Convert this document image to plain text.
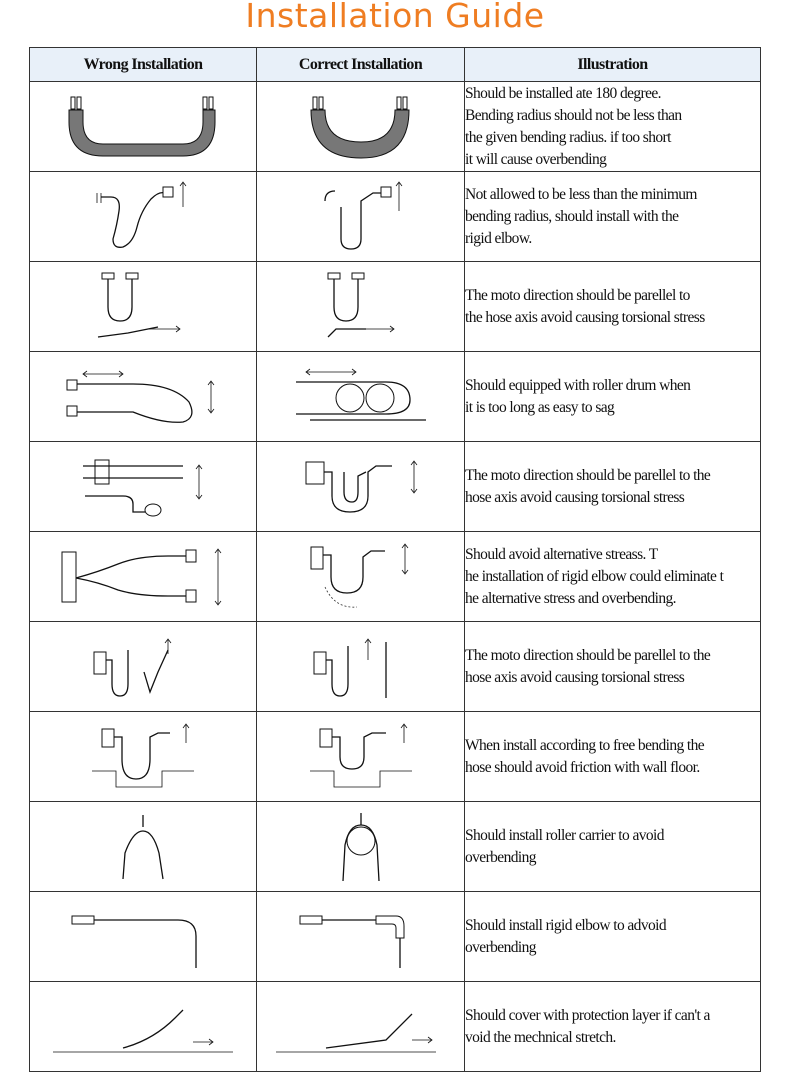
Installation Guide
Wrong Installation	Correct Installation	Illustration

	Should be installed ate 180 degree.
Bending radius should not be less than
the given bending radius. if too short
it will cause overbending

	Not allowed to be less than the minimum
bending radius, should install with the
rigid elbow.

	The moto direction should be parellel to
the hose axis avoid causing torsional stress

	Should equipped with roller drum when
it is too long as easy to sag

	The moto direction should be parellel to the
hose axis avoid causing torsional stress

	Should avoid alternative streass. T
he installation of rigid elbow could eliminate t
he alternative stress and overbending.

	The moto direction should be parellel to the
hose axis avoid causing torsional stress

	When install according to free bending the
hose should avoid friction with wall floor.

	Should install roller carrier to avoid
overbending

	Should install rigid elbow to advoid
overbending

	Should cover with protection layer if can't a
void the mechnical stretch.
